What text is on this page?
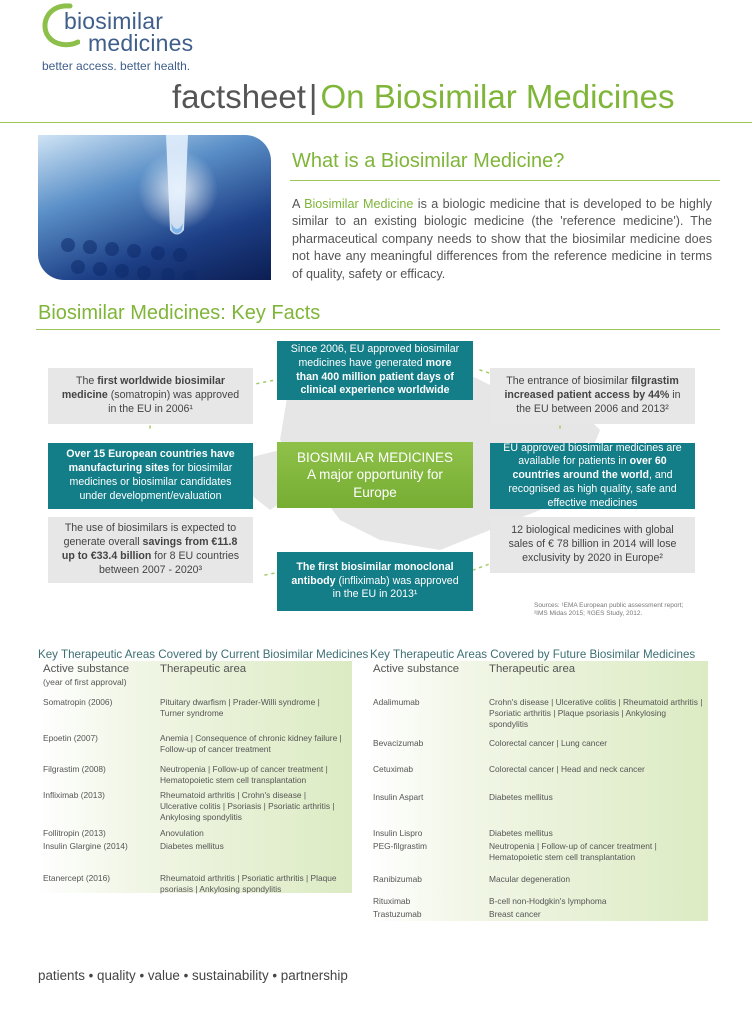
biosimilar
medicines
better access. better health.
factsheet|On Biosimilar Medicines
What is a Biosimilar Medicine?
A Biosimilar Medicine is a biologic medicine that is developed to be highly similar to an existing biologic medicine (the 'reference medicine'). The pharmaceutical company needs to show that the biosimilar medicine does not have any meaningful differences from the reference medicine in terms of quality, safety or efficacy.
Biosimilar Medicines: Key Facts
Since 2006, EU approved biosimilar medicines have generated more than 400 million patient days of clinical experience worldwide
The first worldwide biosimilar medicine (somatropin) was approved in the EU in 2006¹
The entrance of biosimilar filgrastim increased patient access by 44% in the EU between 2006 and 2013²
Over 15 European countries have manufacturing sites for biosimilar medicines or biosimilar candidates under development/evaluation
BIOSIMILAR MEDICINES
A major opportunity for Europe
EU approved biosimilar medicines are available for patients in over 60 countries around the world, and recognised as high quality, safe and effective medicines
The use of biosimilars is expected to generate overall savings from €11.8 up to €33.4 billion for 8 EU countries between 2007 - 2020³
12 biological medicines with global sales of € 78 billion in 2014 will lose exclusivity by 2020 in Europe²
The first biosimilar monoclonal antibody (infliximab) was approved in the EU in 2013¹
Sources: ¹EMA European public assessment report; ²IMS Midas 2015; ³IGES Study, 2012.
Key Therapeutic Areas Covered by Current Biosimilar Medicines
Active substance
(year of first approval)
Therapeutic area
Somatropin (2006)	Pituitary dwarfism | Prader-Willi syndrome | Turner syndrome
Epoetin (2007)	Anemia | Consequence of chronic kidney failure | Follow-up of cancer treatment
Filgrastim (2008)	Neutropenia | Follow-up of cancer treatment | Hematopoietic stem cell transplantation
Infliximab (2013)	Rheumatoid arthritis | Crohn's disease | Ulcerative colitis | Psoriasis | Psoriatic arthritis | Ankylosing spondylitis
Follitropin (2013)	Anovulation
Insulin Glargine (2014)	Diabetes mellitus
Etanercept (2016)	Rheumatoid arthritis | Psoriatic arthritis | Plaque psoriasis | Ankylosing spondylitis
Key Therapeutic Areas Covered by Future Biosimilar Medicines
Active substance	Therapeutic area
Adalimumab	Crohn's disease | Ulcerative colitis | Rheumatoid arthritis | Psoriatic arthritis | Plaque psoriasis | Ankylosing spondylitis
Bevacizumab	Colorectal cancer | Lung cancer
Cetuximab	Colorectal cancer | Head and neck cancer
Insulin Aspart	Diabetes mellitus
Insulin Lispro	Diabetes mellitus
PEG-filgrastim	Neutropenia | Follow-up of cancer treatment | Hematopoietic stem cell transplantation
Ranibizumab	Macular degeneration
Rituximab	B-cell non-Hodgkin's lymphoma
Trastuzumab	Breast cancer
patients • quality • value • sustainability • partnership
